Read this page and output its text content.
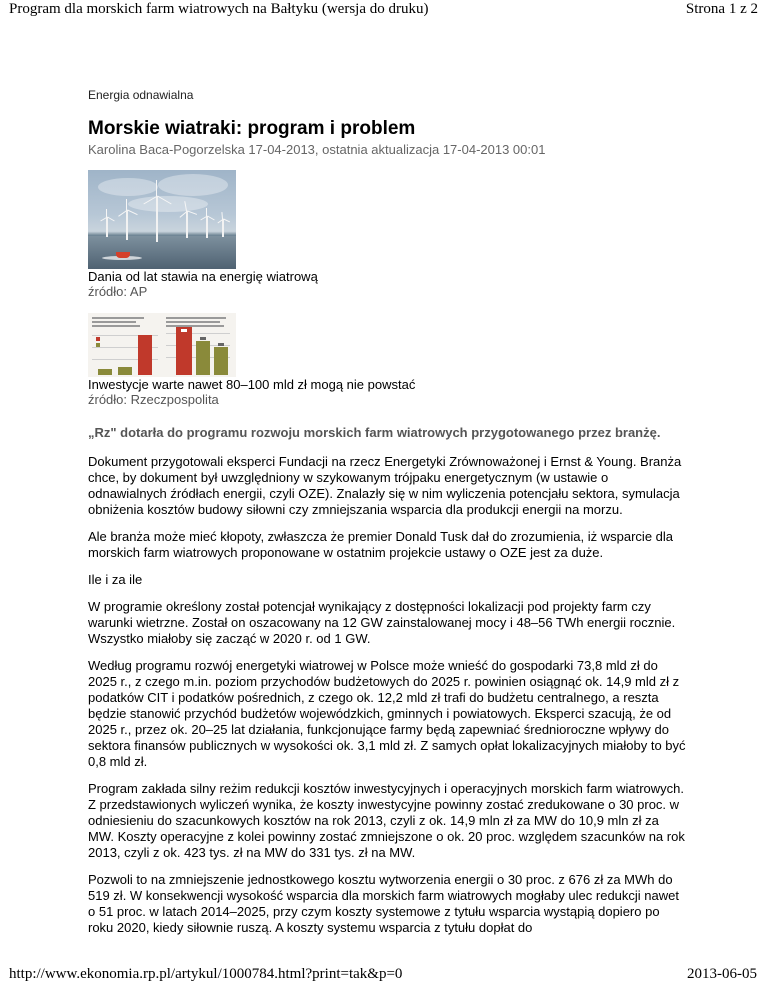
Program dla morskich farm wiatrowych na Bałtyku (wersja do druku)	Strona 1 z 2
Energia odnawialna
Morskie wiatraki: program i problem
Karolina Baca-Pogorzelska 17-04-2013, ostatnia aktualizacja 17-04-2013 00:01
Dania od lat stawia na energię wiatrową
źródło: AP
Inwestycje warte nawet 80–100 mld zł mogą nie powstać
źródło: Rzeczpospolita

„Rz" dotarła do programu rozwoju morskich farm wiatrowych przygotowanego przez branżę.

Dokument przygotowali eksperci Fundacji na rzecz Energetyki Zrównoważonej i Ernst & Young. Branża chce, by dokument był uwzględniony w szykowanym trójpaku energetycznym (w ustawie o odnawialnych źródłach energii, czyli OZE). Znalazły się w nim wyliczenia potencjału sektora, symulacja obniżenia kosztów budowy siłowni czy zmniejszania wsparcia dla produkcji energii na morzu.

Ale branża może mieć kłopoty, zwłaszcza że premier Donald Tusk dał do zrozumienia, iż wsparcie dla morskich farm wiatrowych proponowane w ostatnim projekcie ustawy o OZE jest za duże.

Ile i za ile

W programie określony został potencjał wynikający z dostępności lokalizacji pod projekty farm czy warunki wietrzne. Został on oszacowany na 12 GW zainstalowanej mocy i 48–56 TWh energii rocznie. Wszystko miałoby się zacząć w 2020 r. od 1 GW.

Według programu rozwój energetyki wiatrowej w Polsce może wnieść do gospodarki 73,8 mld zł do 2025 r., z czego m.in. poziom przychodów budżetowych do 2025 r. powinien osiągnąć ok. 14,9 mld zł z podatków CIT i podatków pośrednich, z czego ok. 12,2 mld zł trafi do budżetu centralnego, a reszta będzie stanowić przychód budżetów wojewódzkich, gminnych i powiatowych. Eksperci szacują, że od 2025 r., przez ok. 20–25 lat działania, funkcjonujące farmy będą zapewniać średnioroczne wpływy do sektora finansów publicznych w wysokości ok. 3,1 mld zł. Z samych opłat lokalizacyjnych miałoby to być 0,8 mld zł.

Program zakłada silny reżim redukcji kosztów inwestycyjnych i operacyjnych morskich farm wiatrowych. Z przedstawionych wyliczeń wynika, że koszty inwestycyjne powinny zostać zredukowane o 30 proc. w odniesieniu do szacunkowych kosztów na rok 2013, czyli z ok. 14,9 mln zł za MW do 10,9 mln zł za MW. Koszty operacyjne z kolei powinny zostać zmniejszone o ok. 20 proc. względem szacunków na rok 2013, czyli z ok. 423 tys. zł na MW do 331 tys. zł na MW.

Pozwoli to na zmniejszenie jednostkowego kosztu wytworzenia energii o 30 proc. z 676 zł za MWh do 519 zł. W konsekwencji wysokość wsparcia dla morskich farm wiatrowych mogłaby ulec redukcji nawet o 51 proc. w latach 2014–2025, przy czym koszty systemowe z tytułu wsparcia wystąpią dopiero po roku 2020, kiedy siłownie ruszą. A koszty systemu wsparcia z tytułu dopłat do

http://www.ekonomia.rp.pl/artykul/1000784.html?print=tak&p=0	2013-06-05
